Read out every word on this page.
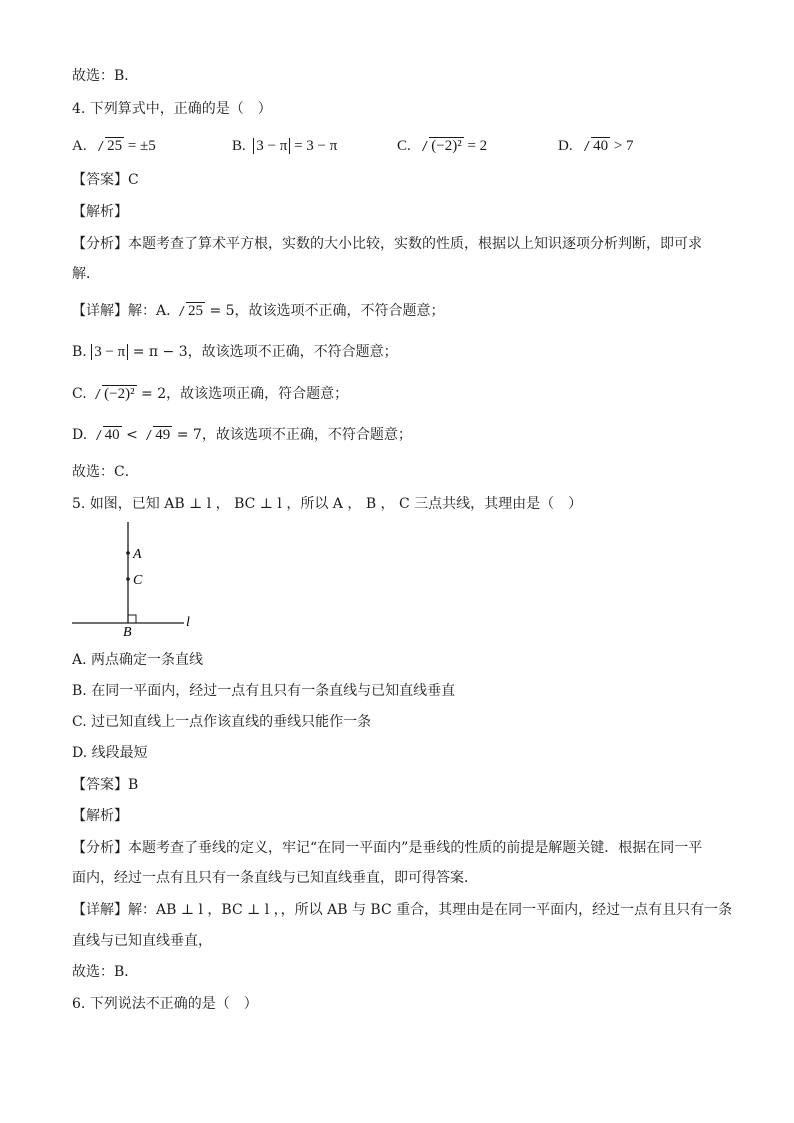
故选：B．
4. 下列算式中，正确的是（　）
A. 25 = ±5	B. 3 − π = 3 − π	C. (−2)² = 2	D. 40 > 7
【答案】C
【解析】
【分析】本题考查了算术平方根，实数的大小比较，实数的性质，根据以上知识逐项分析判断，即可求
解．
【详解】解：A. 25 = 5，故该选项不正确，不符合题意；
B. 3 − π = π − 3，故该选项不正确，不符合题意；
C. (−2)² = 2，故该选项正确，符合题意；
D. 40 < 49 = 7，故该选项不正确，不符合题意；
故选：C．
5. 如图，已知 AB ⊥ l ， BC ⊥ l ，所以 A ， B ， C 三点共线，其理由是（　）
A
C
B
l
A. 两点确定一条直线
B. 在同一平面内，经过一点有且只有一条直线与已知直线垂直
C. 过已知直线上一点作该直线的垂线只能作一条
D. 线段最短
【答案】B
【解析】
【分析】本题考查了垂线的定义，牢记“在同一平面内”是垂线的性质的前提是解题关键．根据在同一平
面内，经过一点有且只有一条直线与已知直线垂直，即可得答案．
【详解】解：AB ⊥ l ，BC ⊥ l ，，所以 AB 与 BC 重合，其理由是在同一平面内，经过一点有且只有一条
直线与已知直线垂直，
故选：B．
6. 下列说法不正确的是（　）
